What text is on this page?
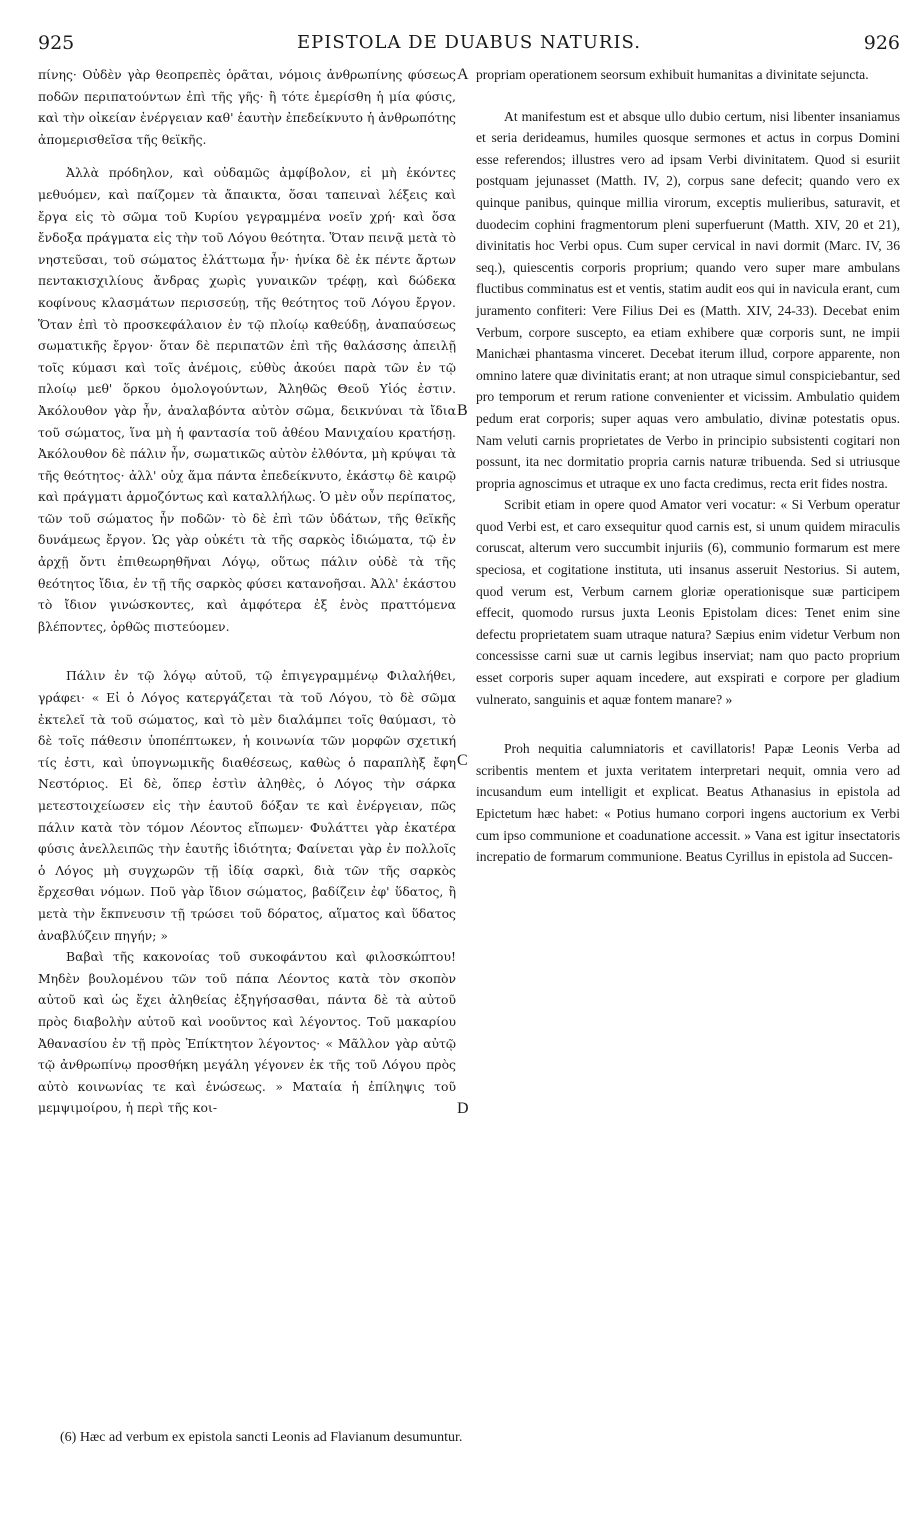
925	EPISTOLA DE DUABUS NATURIS.	926
A
B
C
D

πίνης· Οὐδὲν γὰρ θεοπρεπὲς ὁρᾶται, νόμοις ἀνθρωπίνης φύσεως ποδῶν περιπατούντων ἐπὶ τῆς γῆς· ἢ τότε ἐμερίσθη ἡ μία φύσις, καὶ τὴν οἰκείαν ἐνέργειαν καθ' ἑαυτὴν ἐπεδείκνυτο ἡ ἀνθρωπότης ἀπομερισθεῖσα τῆς θεϊκῆς.

Ἀλλὰ πρόδηλον, καὶ οὐδαμῶς ἀμφίβολον, εἰ μὴ ἑκόντες μεθυόμεν, καὶ παίζομεν τὰ ἄπαικτα, ὅσαι ταπειναὶ λέξεις καὶ ἔργα εἰς τὸ σῶμα τοῦ Κυρίου γεγραμμένα νοεῖν χρή· καὶ ὅσα ἔνδοξα πράγματα εἰς τὴν τοῦ Λόγου θεότητα. Ὅταν πεινᾷ μετὰ τὸ νηστεῦσαι, τοῦ σώματος ἐλάττωμα ἦν· ἡνίκα δὲ ἐκ πέντε ἄρτων πεντακισχιλίους ἄνδρας χωρὶς γυναικῶν τρέφῃ, καὶ δώδεκα κοφίνους κλασμάτων περισσεύῃ, τῆς θεότητος τοῦ Λόγου ἔργον. Ὅταν ἐπὶ τὸ προσκεφάλαιον ἐν τῷ πλοίῳ καθεύδῃ, ἀναπαύσεως σωματικῆς ἔργον· ὅταν δὲ περιπατῶν ἐπὶ τῆς θαλάσσης ἀπειλῇ τοῖς κύμασι καὶ τοῖς ἀνέμοις, εὐθὺς ἀκούει παρὰ τῶν ἐν τῷ πλοίῳ μεθ' ὅρκου ὁμολογούντων, Ἀληθῶς Θεοῦ Υἱός ἐστιν. Ἀκόλουθον γὰρ ἦν, ἀναλαβόντα αὐτὸν σῶμα, δεικνύναι τὰ ἴδια τοῦ σώματος, ἵνα μὴ ἡ φαντασία τοῦ ἀθέου Μανιχαίου κρατήσῃ. Ἀκόλουθον δὲ πάλιν ἦν, σωματικῶς αὐτὸν ἐλθόντα, μὴ κρύψαι τὰ τῆς θεότητος· ἀλλ' οὐχ ἅμα πάντα ἐπεδείκνυτο, ἑκάστῳ δὲ καιρῷ καὶ πράγματι ἁρμοζόντως καὶ καταλλήλως. Ὁ μὲν οὖν περίπατος, τῶν τοῦ σώματος ἦν ποδῶν· τὸ δὲ ἐπὶ τῶν ὑδάτων, τῆς θεϊκῆς δυνάμεως ἔργον. Ὡς γὰρ οὐκέτι τὰ τῆς σαρκὸς ἰδιώματα, τῷ ἐν ἀρχῇ ὄντι ἐπιθεωρηθῆναι Λόγῳ, οὕτως πάλιν οὐδὲ τὰ τῆς θεότητος ἴδια, ἐν τῇ τῆς σαρκὸς φύσει κατανοῆσαι. Ἀλλ' ἑκάστου τὸ ἴδιον γινώσκοντες, καὶ ἀμφότερα ἐξ ἑνὸς πραττόμενα βλέποντες, ὀρθῶς πιστεύομεν.

Πάλιν ἐν τῷ λόγῳ αὐτοῦ, τῷ ἐπιγεγραμμένῳ Φιλαλήθει, γράφει· « Εἰ ὁ Λόγος κατεργάζεται τὰ τοῦ Λόγου, τὸ δὲ σῶμα ἐκτελεῖ τὰ τοῦ σώματος, καὶ τὸ μὲν διαλάμπει τοῖς θαύμασι, τὸ δὲ τοῖς πάθεσιν ὑποπέπτωκεν, ἡ κοινωνία τῶν μορφῶν σχετική τίς ἐστι, καὶ ὑπογνωμικῆς διαθέσεως, καθὼς ὁ παραπλὴξ ἔφη Νεστόριος. Εἰ δὲ, ὅπερ ἐστὶν ἀληθὲς, ὁ Λόγος τὴν σάρκα μετεστοιχείωσεν εἰς τὴν ἑαυτοῦ δόξαν τε καὶ ἐνέργειαν, πῶς πάλιν κατὰ τὸν τόμον Λέοντος εἴπωμεν· Φυλάττει γὰρ ἑκατέρα φύσις ἀνελλειπῶς τὴν ἑαυτῆς ἰδιότητα; Φαίνεται γὰρ ἐν πολλοῖς ὁ Λόγος μὴ συγχωρῶν τῇ ἰδίᾳ σαρκὶ, διὰ τῶν τῆς σαρκὸς ἔρχεσθαι νόμων. Ποῦ γὰρ ἴδιον σώματος, βαδίζειν ἐφ' ὕδατος, ἢ μετὰ τὴν ἔκπνευσιν τῇ τρώσει τοῦ δόρατος, αἵματος καὶ ὕδατος ἀναβλύζειν πηγήν; »

Βαβαὶ τῆς κακονοίας τοῦ συκοφάντου καὶ φιλοσκώπτου! Μηδὲν βουλομένου τῶν τοῦ πάπα Λέοντος κατὰ τὸν σκοπὸν αὐτοῦ καὶ ὡς ἔχει ἀληθείας ἐξηγήσασθαι, πάντα δὲ τὰ αὐτοῦ πρὸς διαβολὴν αὐτοῦ καὶ νοοῦντος καὶ λέγοντος. Τοῦ μακαρίου Ἀθανασίου ἐν τῇ πρὸς Ἐπίκτητον λέγοντος· « Μᾶλλον γὰρ αὐτῷ τῷ ἀνθρωπίνῳ προσθήκη μεγάλη γέγονεν ἐκ τῆς τοῦ Λόγου πρὸς αὐτὸ κοινωνίας τε καὶ ἑνώσεως. » Ματαία ἡ ἐπίληψις τοῦ μεμψιμοίρου, ἡ περὶ τῆς κοι-

propriam operationem seorsum exhibuit humanitas a divinitate sejuncta.

At manifestum est et absque ullo dubio certum, nisi libenter insaniamus et seria derideamus, humiles quosque sermones et actus in corpus Domini esse referendos; illustres vero ad ipsam Verbi divinitatem. Quod si esuriit postquam jejunasset (Matth. IV, 2), corpus sane defecit; quando vero ex quinque panibus, quinque millia virorum, exceptis mulieribus, saturavit, et duodecim cophini fragmentorum pleni superfuerunt (Matth. XIV, 20 et 21), divinitatis hoc Verbi opus. Cum super cervical in navi dormit (Marc. IV, 36 seq.), quiescentis corporis proprium; quando vero super mare ambulans fluctibus comminatus est et ventis, statim audit eos qui in navicula erant, cum juramento confiteri: Vere Filius Dei es (Matth. XIV, 24-33). Decebat enim Verbum, corpore suscepto, ea etiam exhibere quæ corporis sunt, ne impii Manichæi phantasma vinceret. Decebat iterum illud, corpore apparente, non omnino latere quæ divinitatis erant; at non utraque simul conspiciebantur, sed pro temporum et rerum ratione convenienter et vicissim. Ambulatio quidem pedum erat corporis; super aquas vero ambulatio, divinæ potestatis opus. Nam veluti carnis proprietates de Verbo in principio subsistenti cogitari non possunt, ita nec dormitatio propria carnis naturæ tribuenda. Sed si utriusque propria agnoscimus et utraque ex uno facta credimus, recta erit fides nostra.

Scribit etiam in opere quod Amator veri vocatur: « Si Verbum operatur quod Verbi est, et caro exsequitur quod carnis est, si unum quidem miraculis coruscat, alterum vero succumbit injuriis (6), communio formarum est mere speciosa, et cogitatione instituta, uti insanus asseruit Nestorius. Si autem, quod verum est, Verbum carnem gloriæ operationisque suæ participem effecit, quomodo rursus juxta Leonis Epistolam dices: Tenet enim sine defectu proprietatem suam utraque natura? Sæpius enim videtur Verbum non concessisse carni suæ ut carnis legibus inserviat; nam quo pacto proprium esset corporis super aquam incedere, aut exspirati e corpore per gladium vulnerato, sanguinis et aquæ fontem manare? »

Proh nequitia calumniatoris et cavillatoris! Papæ Leonis Verba ad scribentis mentem et juxta veritatem interpretari nequit, omnia vero ad incusandum eum intelligit et explicat. Beatus Athanasius in epistola ad Epictetum hæc habet: « Potius humano corpori ingens auctorium ex Verbi cum ipso communione et coadunatione accessit. » Vana est igitur insectatoris increpatio de formarum communione. Beatus Cyrillus in epistola ad Succen-

(6) Hæc ad verbum ex epistola sancti Leonis ad Flavianum desumuntur.
